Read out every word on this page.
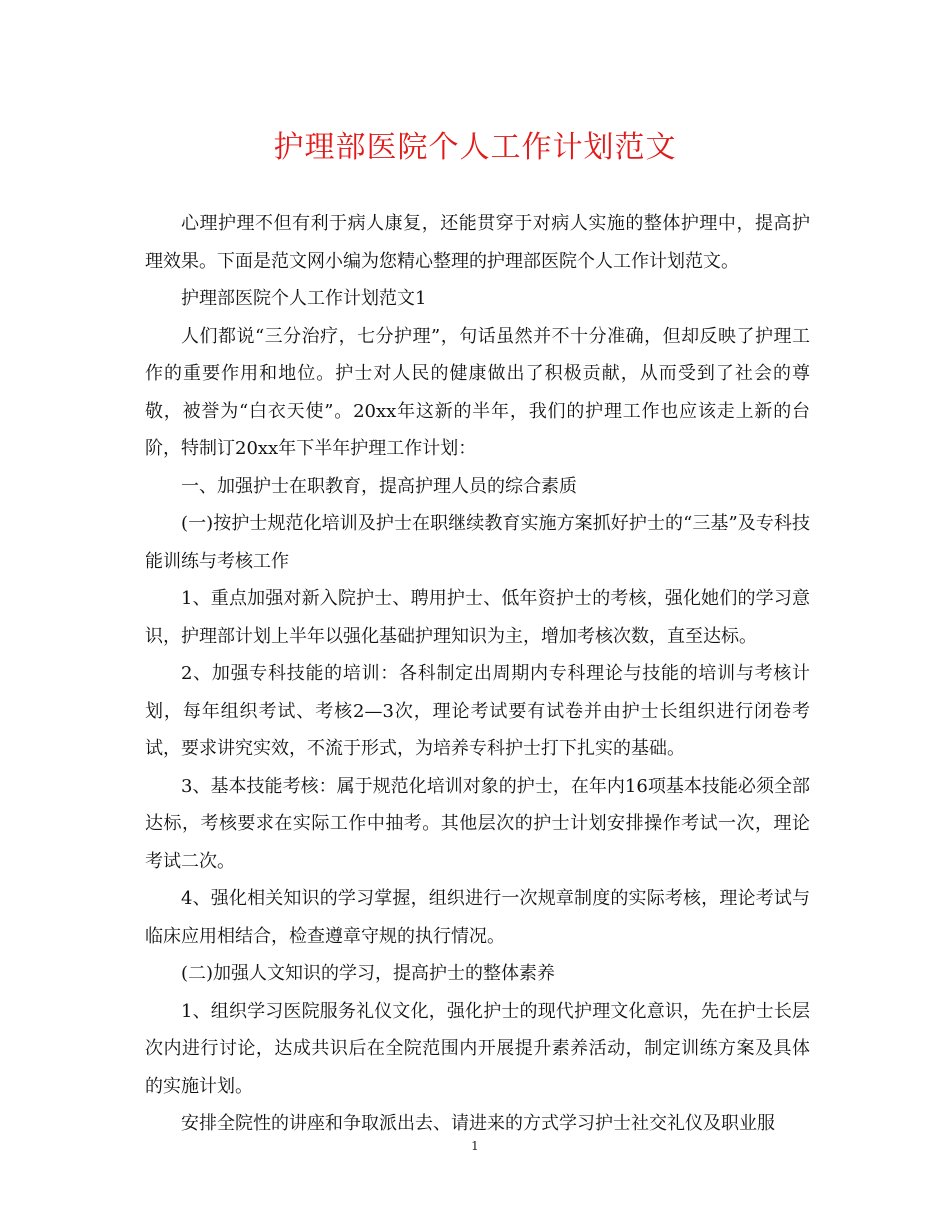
护理部医院个人工作计划范文

心理护理不但有利于病人康复，还能贯穿于对病人实施的整体护理中，提高护理效果。下面是范文网小编为您精心整理的护理部医院个人工作计划范文。

护理部医院个人工作计划范文1

人们都说“三分治疗，七分护理”，句话虽然并不十分准确，但却反映了护理工作的重要作用和地位。护士对人民的健康做出了积极贡献，从而受到了社会的尊敬，被誉为“白衣天使”。20xx年这新的半年，我们的护理工作也应该走上新的台阶，特制订20xx年下半年护理工作计划：

一、加强护士在职教育，提高护理人员的综合素质

(一)按护士规范化培训及护士在职继续教育实施方案抓好护士的“三基”及专科技能训练与考核工作

1、重点加强对新入院护士、聘用护士、低年资护士的考核，强化她们的学习意识，护理部计划上半年以强化基础护理知识为主，增加考核次数，直至达标。

2、加强专科技能的培训：各科制定出周期内专科理论与技能的培训与考核计划，每年组织考试、考核2—3次，理论考试要有试卷并由护士长组织进行闭卷考试，要求讲究实效，不流于形式，为培养专科护士打下扎实的基础。

3、基本技能考核：属于规范化培训对象的护士，在年内16项基本技能必须全部达标，考核要求在实际工作中抽考。其他层次的护士计划安排操作考试一次，理论考试二次。

4、强化相关知识的学习掌握，组织进行一次规章制度的实际考核，理论考试与临床应用相结合，检查遵章守规的执行情况。

(二)加强人文知识的学习，提高护士的整体素养

1、组织学习医院服务礼仪文化，强化护士的现代护理文化意识，先在护士长层次内进行讨论，达成共识后在全院范围内开展提升素养活动，制定训练方案及具体的实施计划。

安排全院性的讲座和争取派出去、请进来的方式学习护士社交礼仪及职业服

1
